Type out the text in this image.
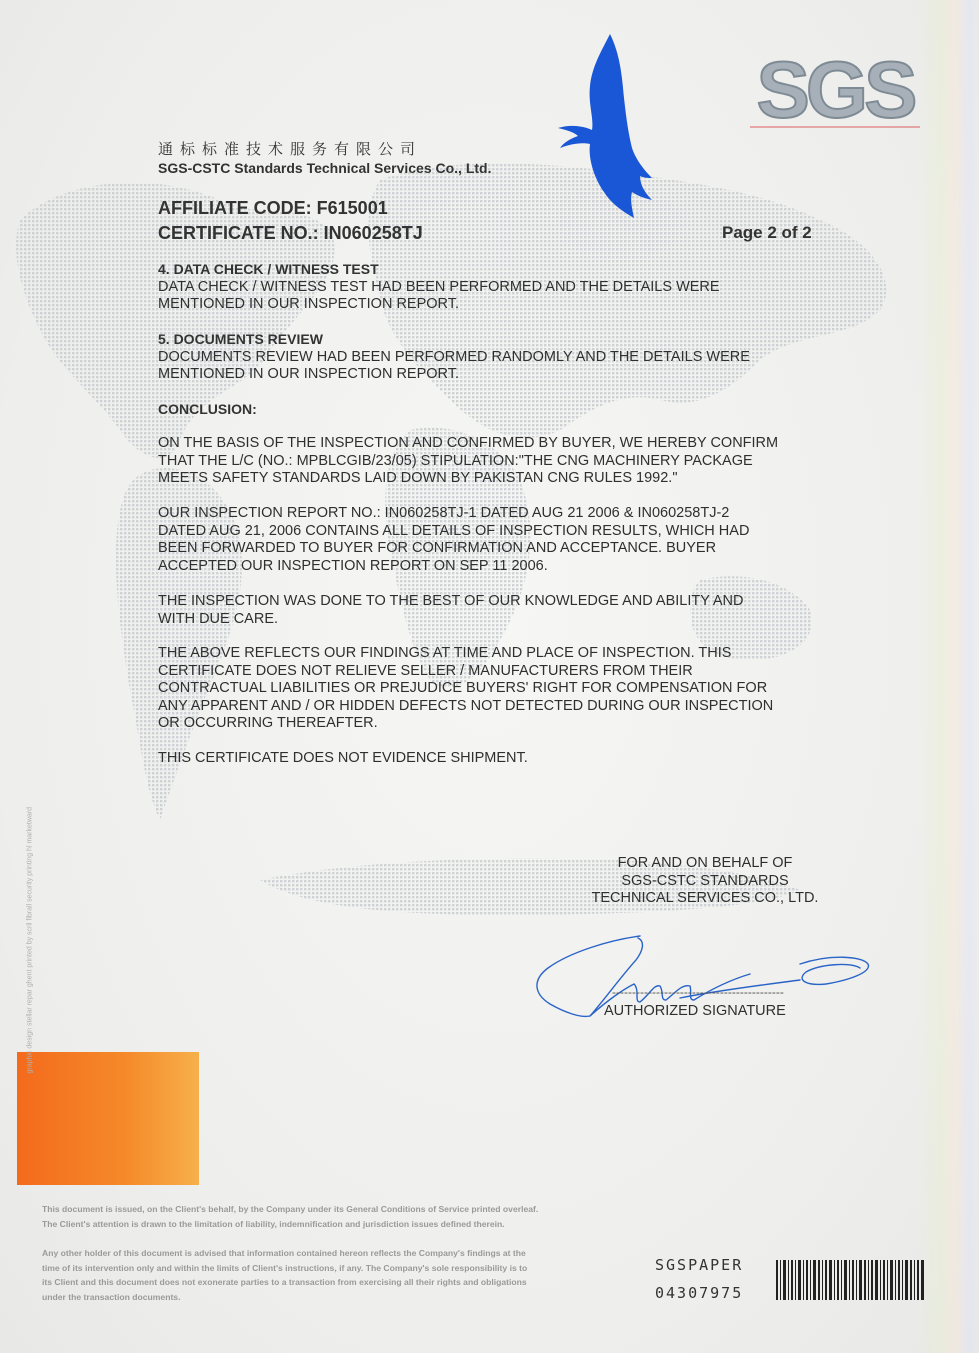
SGS

通标标准技术服务有限公司

SGS-CSTC Standards Technical Services Co., Ltd.

AFFILIATE CODE: F615001

CERTIFICATE NO.: IN060258TJ	Page 2 of 2

4. DATA CHECK / WITNESS TEST
DATA CHECK / WITNESS TEST HAD BEEN PERFORMED AND THE DETAILS WERE
MENTIONED IN OUR INSPECTION REPORT.
5. DOCUMENTS REVIEW
DOCUMENTS REVIEW HAD BEEN PERFORMED RANDOMLY AND THE DETAILS WERE
MENTIONED IN OUR INSPECTION REPORT.
CONCLUSION:
ON THE BASIS OF THE INSPECTION AND CONFIRMED BY BUYER, WE HEREBY CONFIRM
THAT THE L/C (NO.: MPBLCGIB/23/05) STIPULATION:"THE CNG MACHINERY PACKAGE
MEETS SAFETY STANDARDS LAID DOWN BY PAKISTAN CNG RULES 1992."
OUR INSPECTION REPORT NO.: IN060258TJ-1 DATED AUG 21 2006 & IN060258TJ-2
DATED AUG 21, 2006 CONTAINS ALL DETAILS OF INSPECTION RESULTS, WHICH HAD
BEEN FORWARDED TO BUYER FOR CONFIRMATION AND ACCEPTANCE. BUYER
ACCEPTED OUR INSPECTION REPORT ON SEP 11 2006.
THE INSPECTION WAS DONE TO THE BEST OF OUR KNOWLEDGE AND ABILITY AND
WITH DUE CARE.
THE ABOVE REFLECTS OUR FINDINGS AT TIME AND PLACE OF INSPECTION. THIS
CERTIFICATE DOES NOT RELIEVE SELLER / MANUFACTURERS FROM THEIR
CONTRACTUAL LIABILITIES OR PREJUDICE BUYERS' RIGHT FOR COMPENSATION FOR
ANY APPARENT AND / OR HIDDEN DEFECTS NOT DETECTED DURING OUR INSPECTION
OR OCCURRING THEREAFTER.
THIS CERTIFICATE DOES NOT EVIDENCE SHIPMENT.
FOR AND ON BEHALF OF
SGS-CSTC STANDARDS
TECHNICAL SERVICES CO., LTD.

-------------------------------------------

AUTHORIZED SIGNATURE

graphic design stellar repar ghent printed by scril fibrall security printing hl marketward

This document is issued, on the Client's behalf, by the Company under its General Conditions of Service printed overleaf.
The Client's attention is drawn to the limitation of liability, indemnification and jurisdiction issues defined therein.
Any other holder of this document is advised that information contained hereon reflects the Company's findings at the
time of its intervention only and within the limits of Client's instructions, if any. The Company's sole responsibility is to
its Client and this document does not exonerate parties to a transaction from exercising all their rights and obligations
under the transaction documents.

SGSPAPER

04307975
